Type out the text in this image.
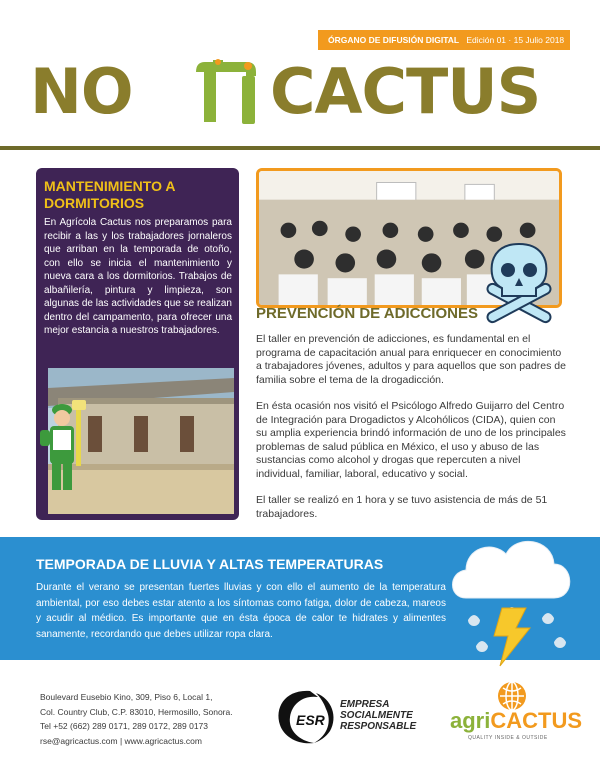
ÓRGANO DE DIFUSIÓN DIGITAL Edición 01 · 15 Julio 2018
NO CACTUS
MANTENIMIENTO A DORMITORIOS

En Agrícola Cactus nos preparamos para recibir a las y los trabajadores jornaleros que arriban en la temporada de otoño, con ello se inicia el mantenimiento y nueva cara a los dormitorios. Trabajos de albañilería, pintura y limpieza, son algunas de las actividades que se realizan dentro del campamento, para ofrecer una mejor estancia a nuestros trabajadores.

PREVENCIÓN DE ADICCIONES

El taller en prevención de adicciones, es fundamental en el programa de capacitación anual para enriquecer en conocimiento a trabajadores jóvenes, adultos y para aquellos que son padres de familia sobre el tema de la drogadicción.

En ésta ocasión nos visitó el Psicólogo Alfredo Guijarro del Centro de Integración para Drogadictos y Alcohólicos (CIDA), quien con su amplia experiencia brindó información de uno de los principales problemas de salud pública en México, el uso y abuso de las sustancias como alcohol y drogas que repercuten a nivel individual, familiar, laboral, educativo y social.

El taller se realizó en 1 hora y se tuvo asistencia de más de 51 trabajadores.

TEMPORADA DE LLUVIA Y ALTAS TEMPERATURAS

Durante el verano se presentan fuertes lluvias y con ello el aumento de la temperatura ambiental, por eso debes estar atento a los síntomas como fatiga, dolor de cabeza, mareos y acudir al médico. Es importante que en ésta época de calor te hidrates y alimentes sanamente, recordando que debes utilizar ropa clara.

Boulevard Eusebio Kino, 309, Piso 6, Local 1,
Col. Country Club, C.P. 83010, Hermosillo, Sonora.
Tel +52 (662) 289 0171, 289 0172, 289 0173
rse@agricactus.com | www.agricactus.com
ESR
EMPRESA
SOCIALMENTE
RESPONSABLE agriCACTUS
QUALITY INSIDE & OUTSIDE
